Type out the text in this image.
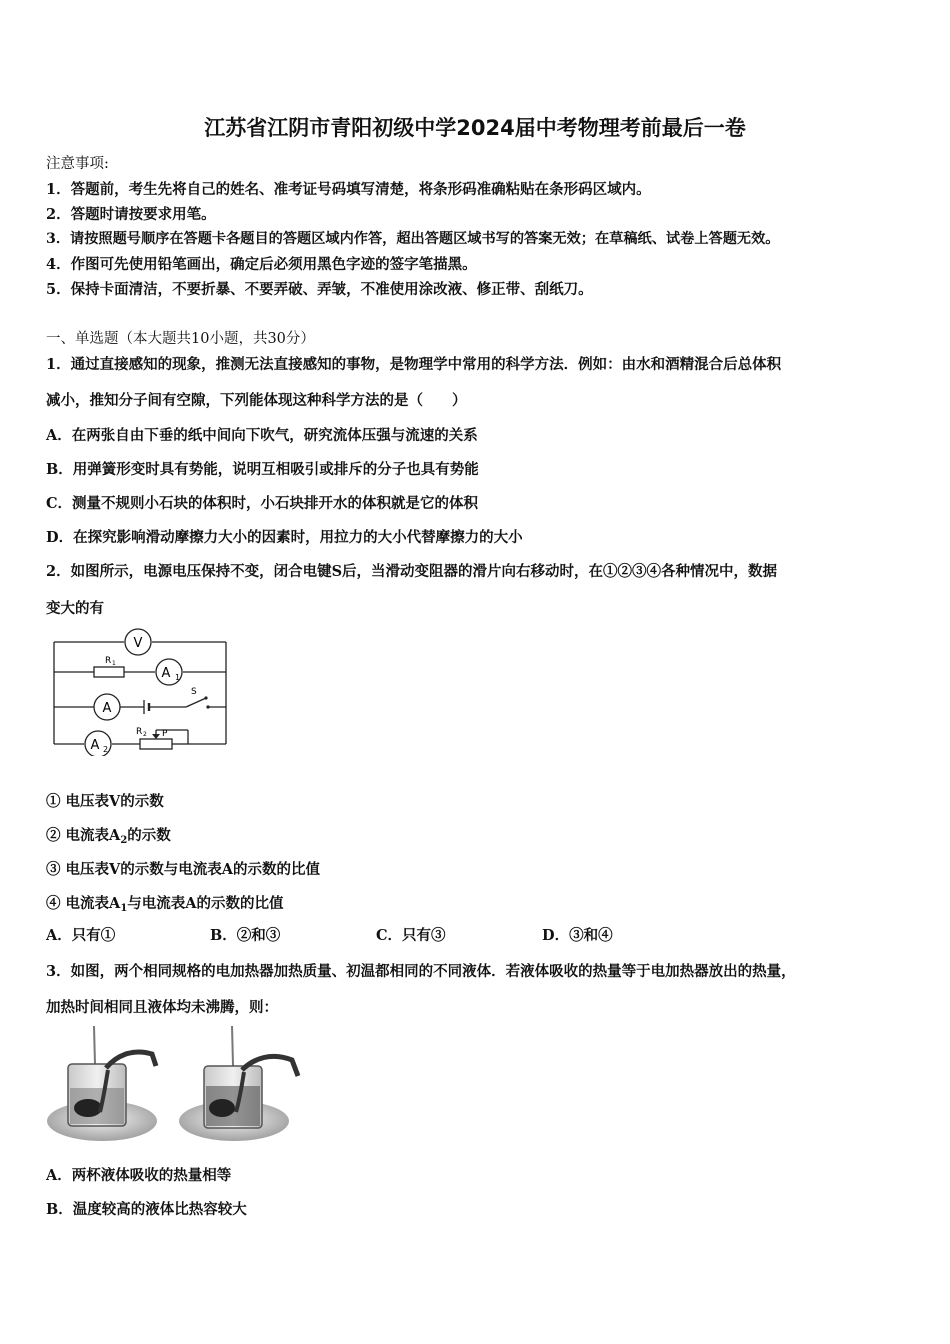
江苏省江阴市青阳初级中学2024届中考物理考前最后一卷
注意事项:
1．答题前，考生先将自己的姓名、准考证号码填写清楚，将条形码准确粘贴在条形码区域内。
2．答题时请按要求用笔。
3．请按照题号顺序在答题卡各题目的答题区域内作答，超出答题区域书写的答案无效；在草稿纸、试卷上答题无效。
4．作图可先使用铅笔画出，确定后必须用黑色字迹的签字笔描黑。
5．保持卡面清洁，不要折暴、不要弄破、弄皱，不准使用涂改液、修正带、刮纸刀。
一、单选题（本大题共10小题，共30分）
1．通过直接感知的现象，推测无法直接感知的事物，是物理学中常用的科学方法．例如：由水和酒精混合后总体积
减小，推知分子间有空隙，下列能体现这种科学方法的是（　　）
A．在两张自由下垂的纸中间向下吹气，研究流体压强与流速的关系
B．用弹簧形变时具有势能，说明互相吸引或排斥的分子也具有势能
C．测量不规则小石块的体积时，小石块排开水的体积就是它的体积
D．在探究影响滑动摩擦力大小的因素时，用拉力的大小代替摩擦力的大小
2．如图所示，电源电压保持不变，闭合电键S后，当滑动变阻器的滑片向右移动时，在①②③④各种情况中，数据
变大的有
V
A 1
A
A 2
R 1
R 2
S
P
① 电压表V的示数
② 电流表$A_2$的示数
③ 电压表V的示数与电流表A的示数的比值
④ 电流表$A_1$与电流表A的示数的比值
A．只有①	B．②和③	C．只有③	D．③和④
3．如图，两个相同规格的电加热器加热质量、初温都相同的不同液体．若液体吸收的热量等于电加热器放出的热量，
加热时间相同且液体均未沸腾，则：
A．两杯液体吸收的热量相等
B．温度较高的液体比热容较大
